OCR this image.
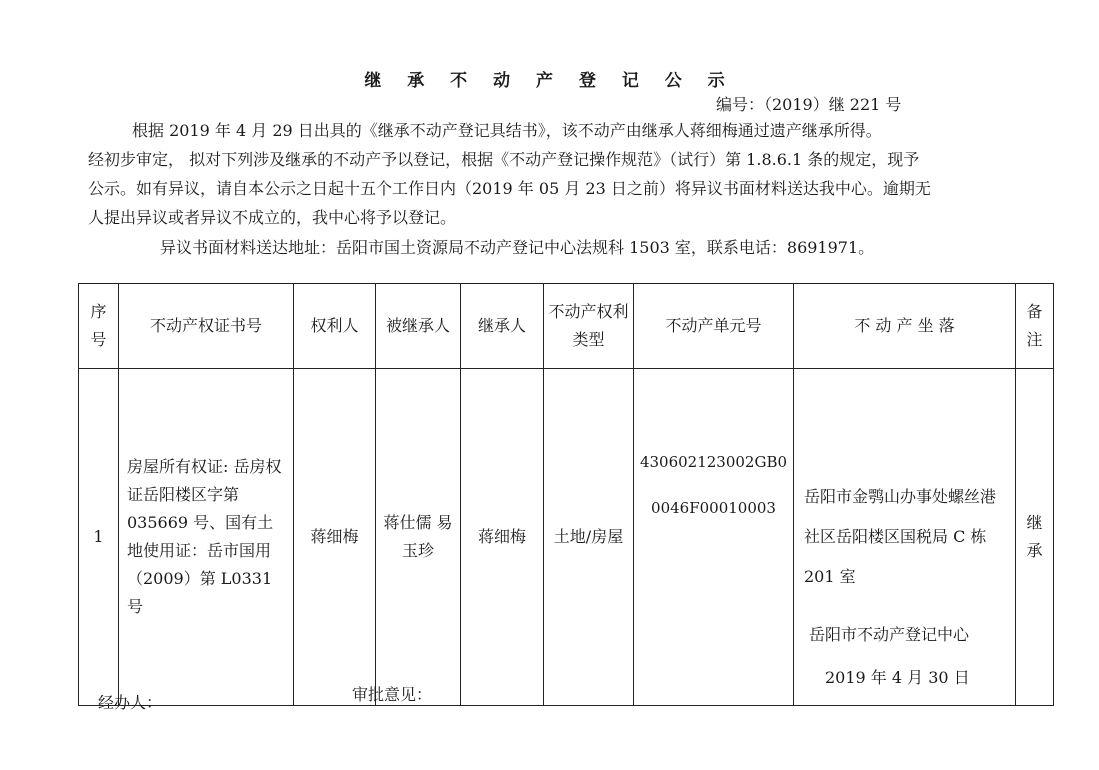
继 承 不 动 产 登 记 公 示
编号：（2019）继 221 号
根据 2019 年 4 月 29 日出具的《继承不动产登记具结书》，该不动产由继承人蒋细梅通过遗产继承所得。
经初步审定， 拟对下列涉及继承的不动产予以登记，根据《不动产登记操作规范》（试行）第 1.8.6.1 条的规定，现予
公示。如有异议，请自本公示之日起十五个工作日内（2019 年 05 月 23 日之前）将异议书面材料送达我中心。逾期无
人提出异议或者异议不成立的，我中心将予以登记。
异议书面材料送达地址：岳阳市国土资源局不动产登记中心法规科 1503 室，联系电话：8691971。
序号	不动产权证书号	权利人	被继承人	继承人	不动产权利类型	不动产单元号	不 动 产 坐 落	备注
1	房屋所有权证: 岳房权证岳阳楼区字第 035669 号、国有土地使用证：岳市国用（2009）第 L0331 号	蒋细梅	蒋仕儒 易玉珍	蒋细梅	土地/房屋	430602123002GB00046F00010003	岳阳市金鹗山办事处螺丝港社区岳阳楼区国税局 C 栋 201 室	继承
岳阳市不动产登记中心
2019 年 4 月 30 日
审批意见：
经办人：
